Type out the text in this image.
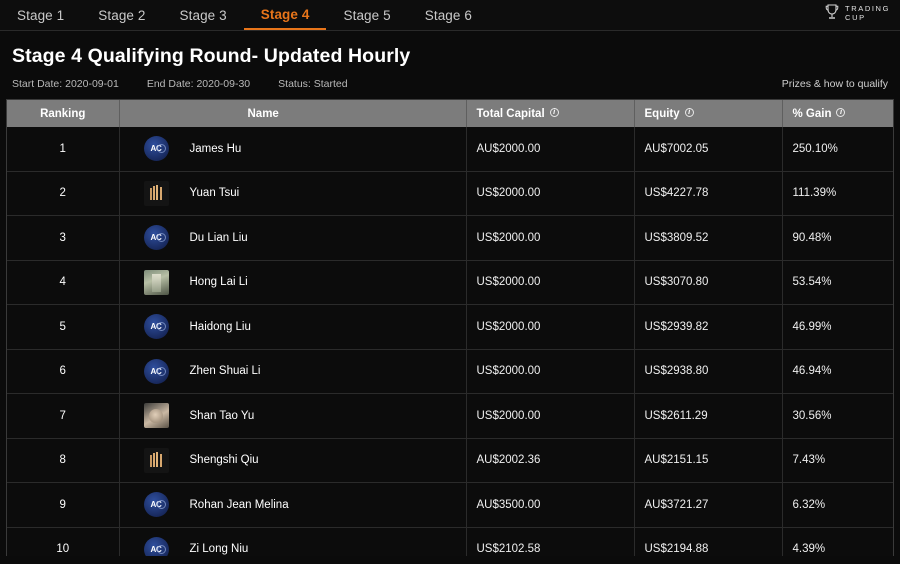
Stage 1	Stage 2	Stage 3	Stage 4	Stage 5	Stage 6	TRADING
CUP
Stage 4 Qualifying Round- Updated Hourly
Start Date: 2020-09-01	End Date: 2020-09-30	Status: Started	Prizes & how to qualify
Ranking	Name	Total Capitali	Equityi	% Gaini
1	AC James Hu	AU$2000.00	AU$7002.05	250.10%
2	Yuan Tsui	US$2000.00	US$4227.78	111.39%
3	AC Du Lian Liu	US$2000.00	US$3809.52	90.48%
4	Hong Lai Li	US$2000.00	US$3070.80	53.54%
5	AC Haidong Liu	US$2000.00	US$2939.82	46.99%
6	AC Zhen Shuai Li	US$2000.00	US$2938.80	46.94%
7	Shan Tao Yu	US$2000.00	US$2611.29	30.56%
8	Shengshi Qiu	AU$2002.36	AU$2151.15	7.43%
9	AC Rohan Jean Melina	AU$3500.00	AU$3721.27	6.32%
10	AC Zi Long Niu	US$2102.58	US$2194.88	4.39%
